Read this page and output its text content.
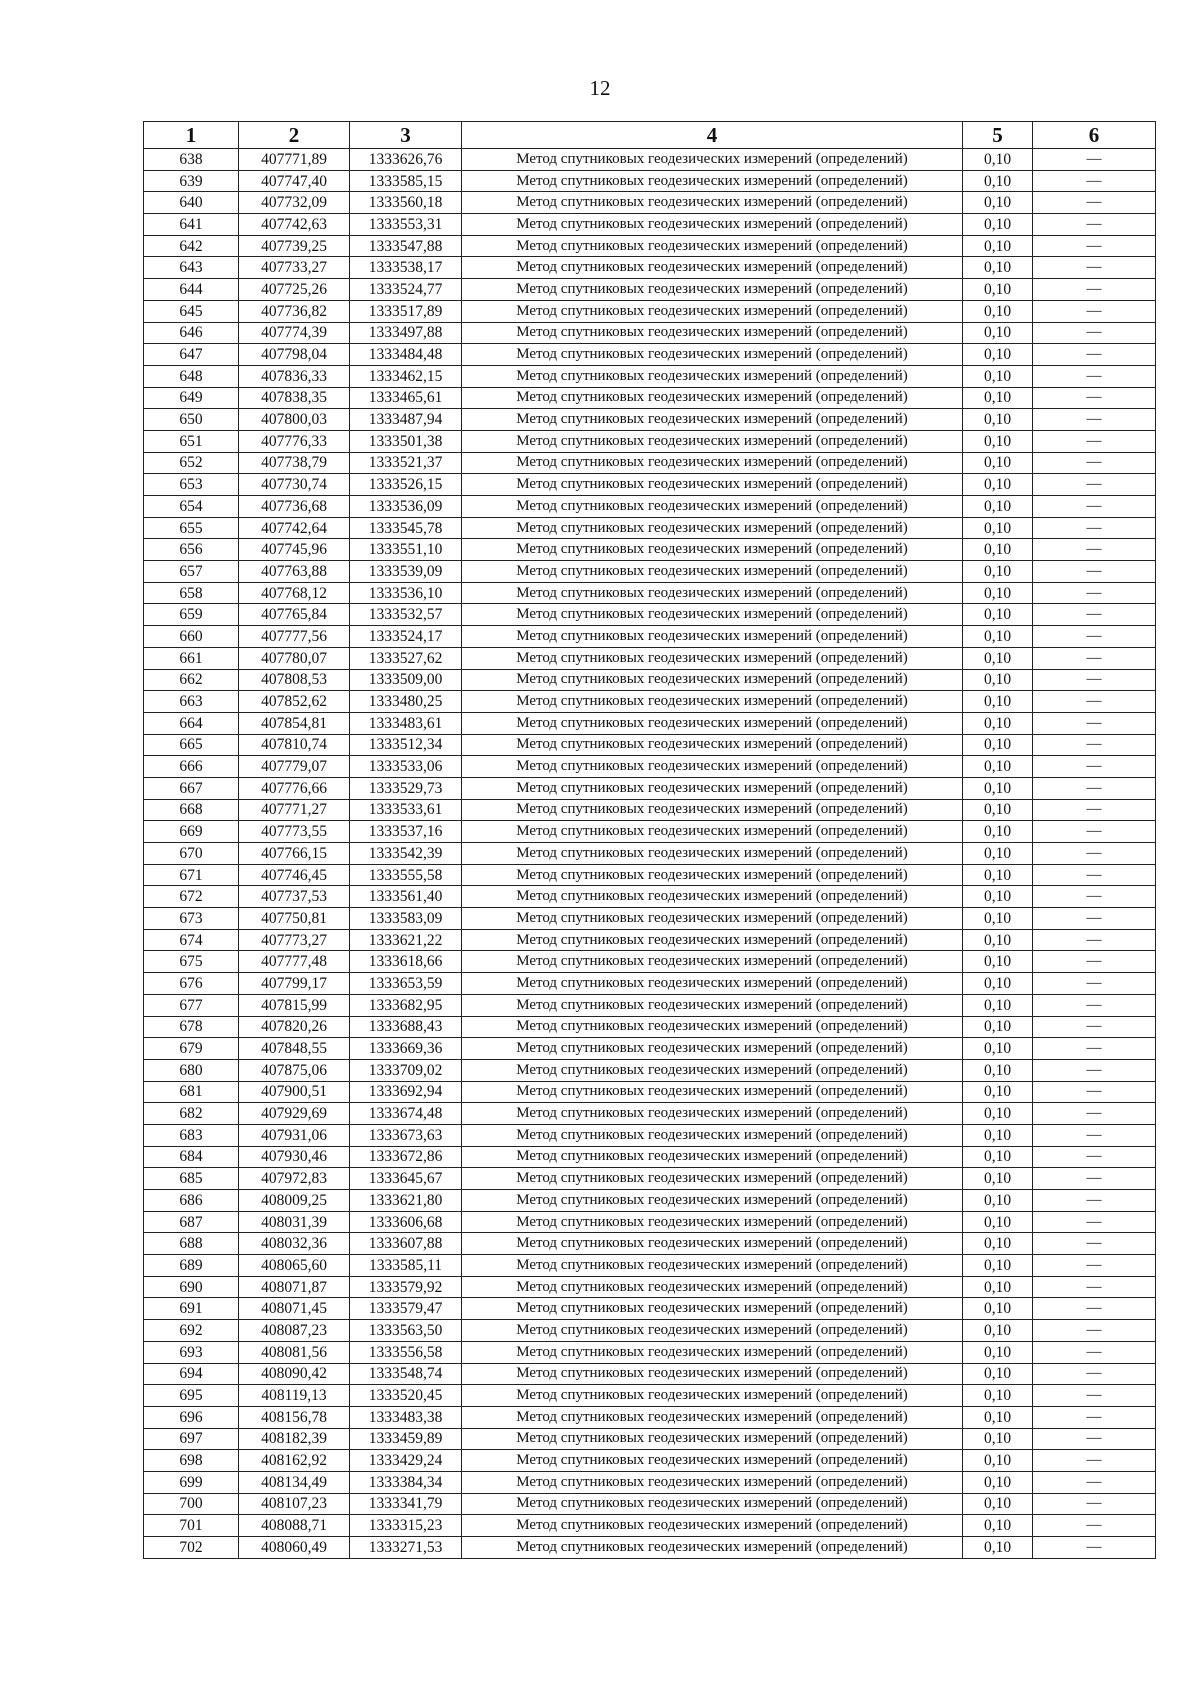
12
1	2	3	4	5	6
638	407771,89	1333626,76	Метод спутниковых геодезических измерений (определений)	0,10	—
639	407747,40	1333585,15	Метод спутниковых геодезических измерений (определений)	0,10	—
640	407732,09	1333560,18	Метод спутниковых геодезических измерений (определений)	0,10	—
641	407742,63	1333553,31	Метод спутниковых геодезических измерений (определений)	0,10	—
642	407739,25	1333547,88	Метод спутниковых геодезических измерений (определений)	0,10	—
643	407733,27	1333538,17	Метод спутниковых геодезических измерений (определений)	0,10	—
644	407725,26	1333524,77	Метод спутниковых геодезических измерений (определений)	0,10	—
645	407736,82	1333517,89	Метод спутниковых геодезических измерений (определений)	0,10	—
646	407774,39	1333497,88	Метод спутниковых геодезических измерений (определений)	0,10	—
647	407798,04	1333484,48	Метод спутниковых геодезических измерений (определений)	0,10	—
648	407836,33	1333462,15	Метод спутниковых геодезических измерений (определений)	0,10	—
649	407838,35	1333465,61	Метод спутниковых геодезических измерений (определений)	0,10	—
650	407800,03	1333487,94	Метод спутниковых геодезических измерений (определений)	0,10	—
651	407776,33	1333501,38	Метод спутниковых геодезических измерений (определений)	0,10	—
652	407738,79	1333521,37	Метод спутниковых геодезических измерений (определений)	0,10	—
653	407730,74	1333526,15	Метод спутниковых геодезических измерений (определений)	0,10	—
654	407736,68	1333536,09	Метод спутниковых геодезических измерений (определений)	0,10	—
655	407742,64	1333545,78	Метод спутниковых геодезических измерений (определений)	0,10	—
656	407745,96	1333551,10	Метод спутниковых геодезических измерений (определений)	0,10	—
657	407763,88	1333539,09	Метод спутниковых геодезических измерений (определений)	0,10	—
658	407768,12	1333536,10	Метод спутниковых геодезических измерений (определений)	0,10	—
659	407765,84	1333532,57	Метод спутниковых геодезических измерений (определений)	0,10	—
660	407777,56	1333524,17	Метод спутниковых геодезических измерений (определений)	0,10	—
661	407780,07	1333527,62	Метод спутниковых геодезических измерений (определений)	0,10	—
662	407808,53	1333509,00	Метод спутниковых геодезических измерений (определений)	0,10	—
663	407852,62	1333480,25	Метод спутниковых геодезических измерений (определений)	0,10	—
664	407854,81	1333483,61	Метод спутниковых геодезических измерений (определений)	0,10	—
665	407810,74	1333512,34	Метод спутниковых геодезических измерений (определений)	0,10	—
666	407779,07	1333533,06	Метод спутниковых геодезических измерений (определений)	0,10	—
667	407776,66	1333529,73	Метод спутниковых геодезических измерений (определений)	0,10	—
668	407771,27	1333533,61	Метод спутниковых геодезических измерений (определений)	0,10	—
669	407773,55	1333537,16	Метод спутниковых геодезических измерений (определений)	0,10	—
670	407766,15	1333542,39	Метод спутниковых геодезических измерений (определений)	0,10	—
671	407746,45	1333555,58	Метод спутниковых геодезических измерений (определений)	0,10	—
672	407737,53	1333561,40	Метод спутниковых геодезических измерений (определений)	0,10	—
673	407750,81	1333583,09	Метод спутниковых геодезических измерений (определений)	0,10	—
674	407773,27	1333621,22	Метод спутниковых геодезических измерений (определений)	0,10	—
675	407777,48	1333618,66	Метод спутниковых геодезических измерений (определений)	0,10	—
676	407799,17	1333653,59	Метод спутниковых геодезических измерений (определений)	0,10	—
677	407815,99	1333682,95	Метод спутниковых геодезических измерений (определений)	0,10	—
678	407820,26	1333688,43	Метод спутниковых геодезических измерений (определений)	0,10	—
679	407848,55	1333669,36	Метод спутниковых геодезических измерений (определений)	0,10	—
680	407875,06	1333709,02	Метод спутниковых геодезических измерений (определений)	0,10	—
681	407900,51	1333692,94	Метод спутниковых геодезических измерений (определений)	0,10	—
682	407929,69	1333674,48	Метод спутниковых геодезических измерений (определений)	0,10	—
683	407931,06	1333673,63	Метод спутниковых геодезических измерений (определений)	0,10	—
684	407930,46	1333672,86	Метод спутниковых геодезических измерений (определений)	0,10	—
685	407972,83	1333645,67	Метод спутниковых геодезических измерений (определений)	0,10	—
686	408009,25	1333621,80	Метод спутниковых геодезических измерений (определений)	0,10	—
687	408031,39	1333606,68	Метод спутниковых геодезических измерений (определений)	0,10	—
688	408032,36	1333607,88	Метод спутниковых геодезических измерений (определений)	0,10	—
689	408065,60	1333585,11	Метод спутниковых геодезических измерений (определений)	0,10	—
690	408071,87	1333579,92	Метод спутниковых геодезических измерений (определений)	0,10	—
691	408071,45	1333579,47	Метод спутниковых геодезических измерений (определений)	0,10	—
692	408087,23	1333563,50	Метод спутниковых геодезических измерений (определений)	0,10	—
693	408081,56	1333556,58	Метод спутниковых геодезических измерений (определений)	0,10	—
694	408090,42	1333548,74	Метод спутниковых геодезических измерений (определений)	0,10	—
695	408119,13	1333520,45	Метод спутниковых геодезических измерений (определений)	0,10	—
696	408156,78	1333483,38	Метод спутниковых геодезических измерений (определений)	0,10	—
697	408182,39	1333459,89	Метод спутниковых геодезических измерений (определений)	0,10	—
698	408162,92	1333429,24	Метод спутниковых геодезических измерений (определений)	0,10	—
699	408134,49	1333384,34	Метод спутниковых геодезических измерений (определений)	0,10	—
700	408107,23	1333341,79	Метод спутниковых геодезических измерений (определений)	0,10	—
701	408088,71	1333315,23	Метод спутниковых геодезических измерений (определений)	0,10	—
702	408060,49	1333271,53	Метод спутниковых геодезических измерений (определений)	0,10	—
